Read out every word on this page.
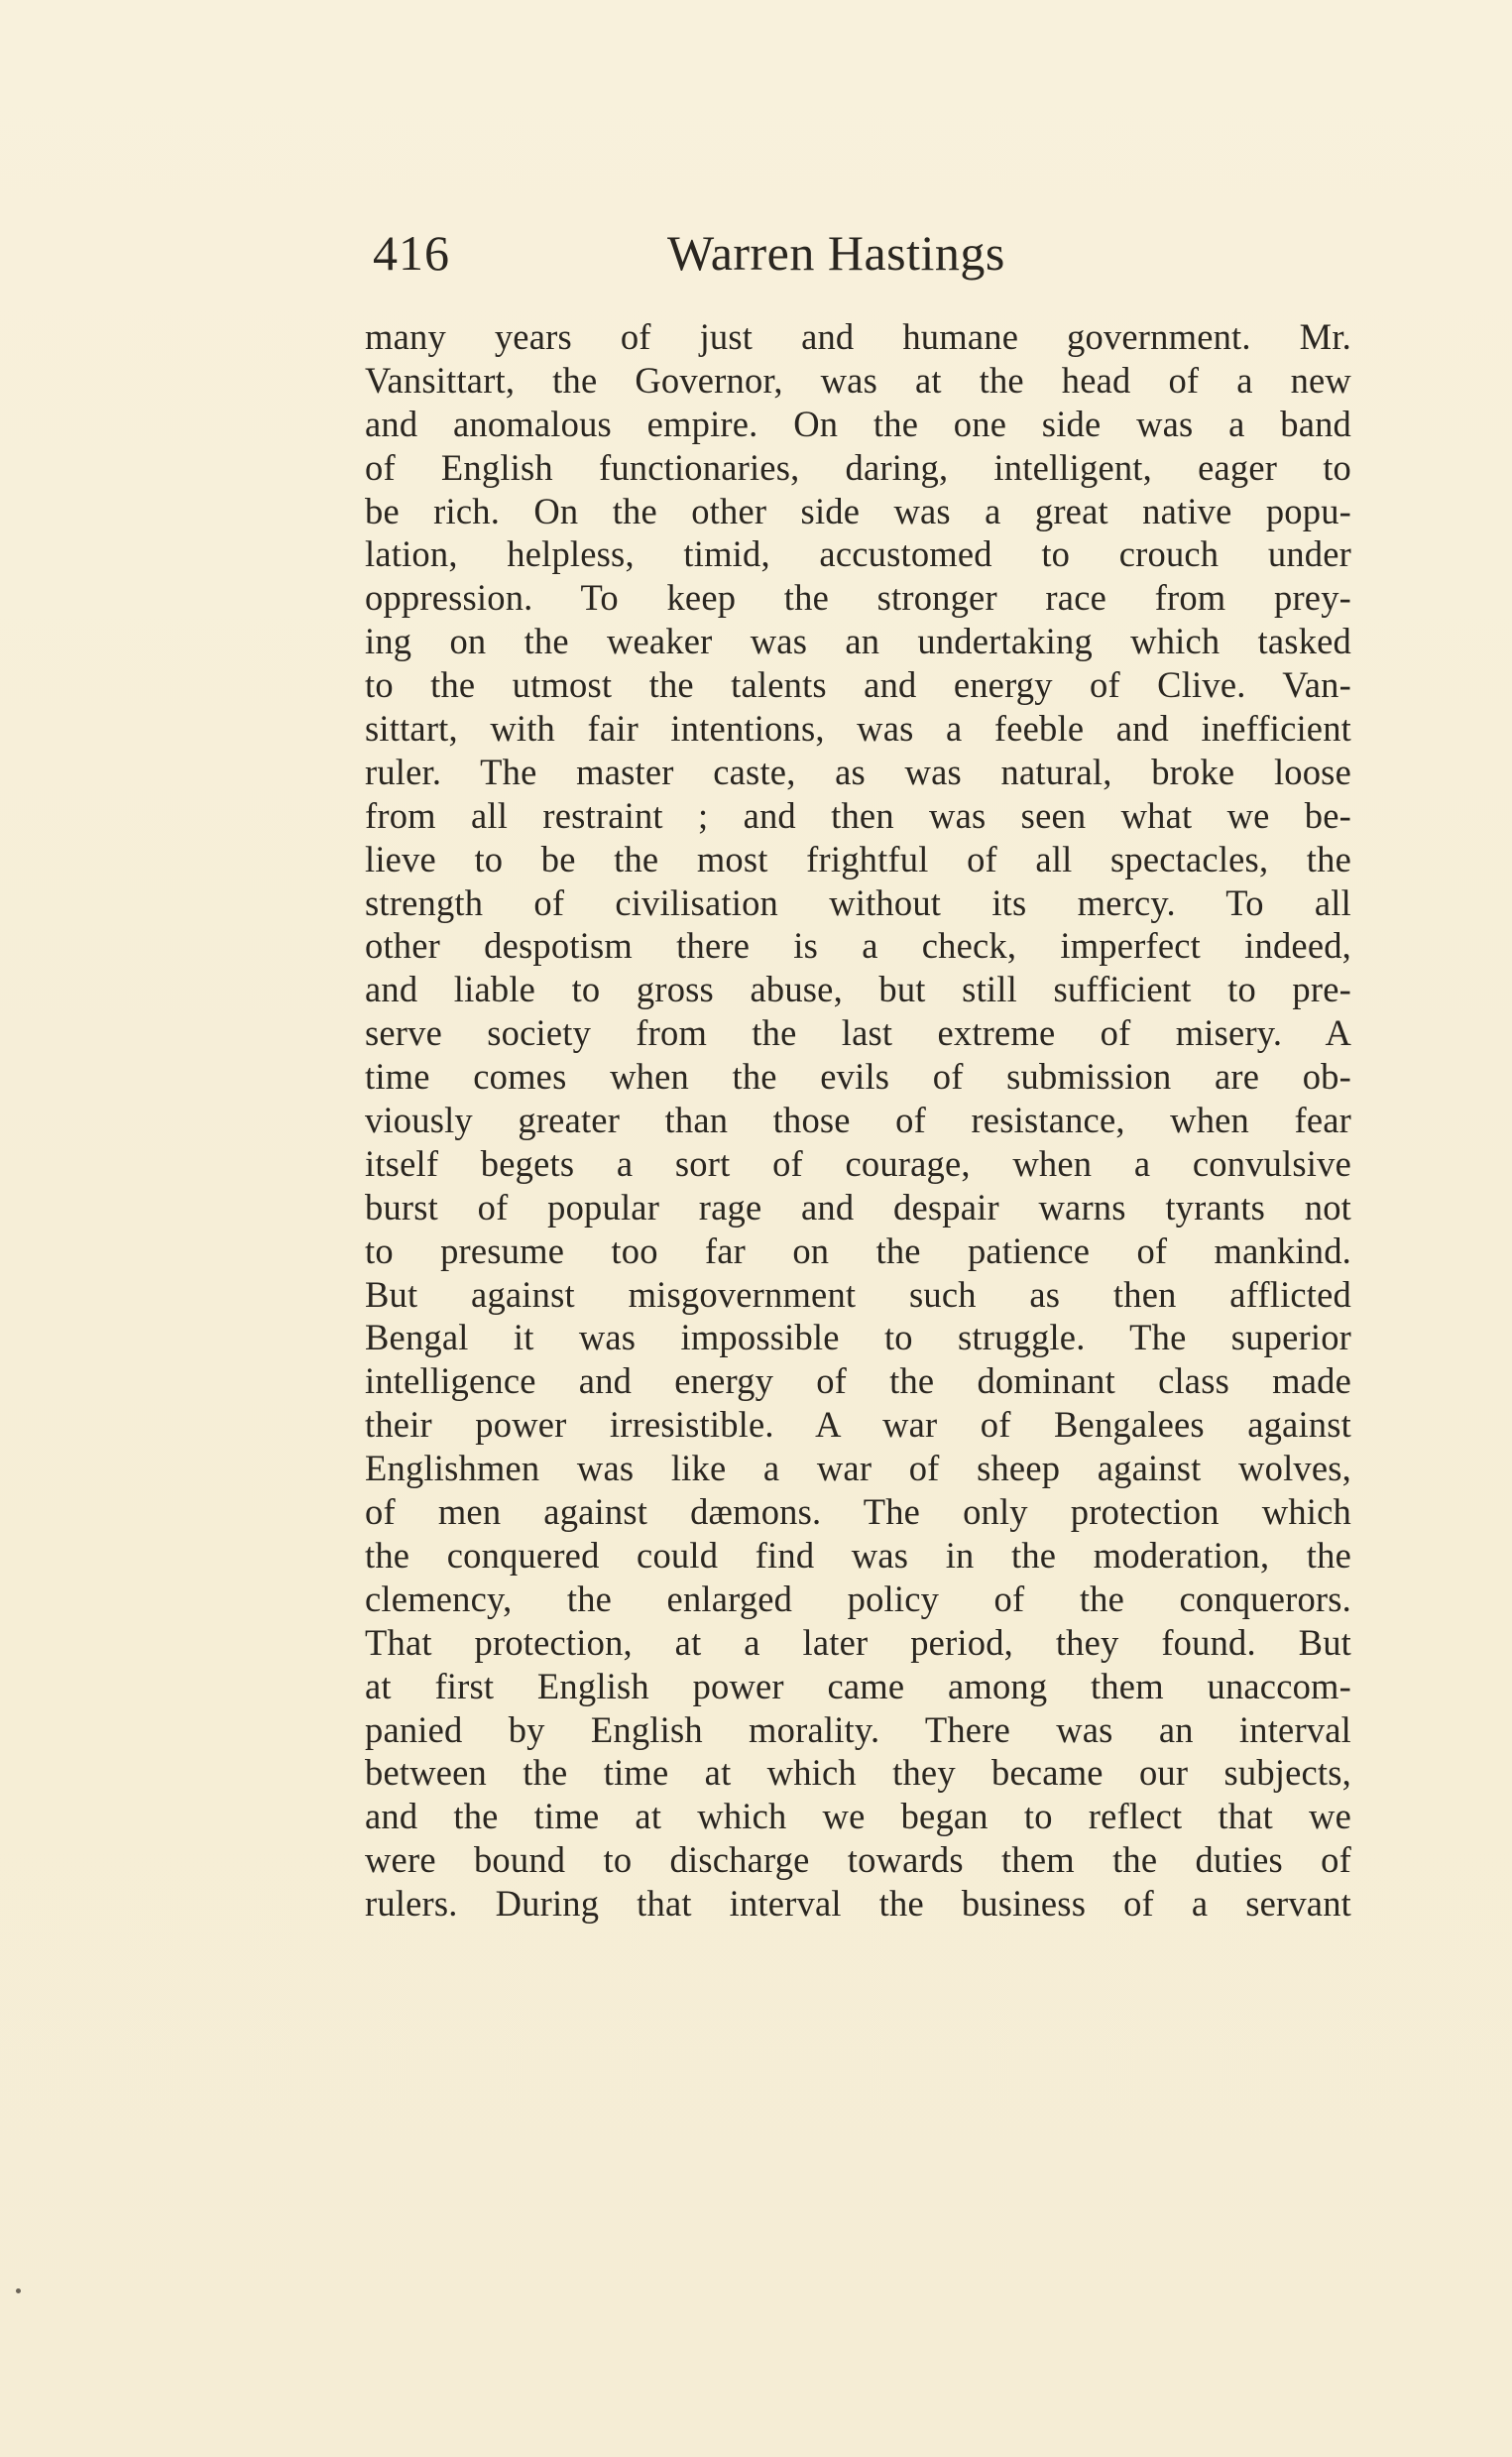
416	Warren Hastings
many years of just and humane government. Mr.
Vansittart, the Governor, was at the head of a new
and anomalous empire. On the one side was a band
of English functionaries, daring, intelligent, eager to
be rich. On the other side was a great native popu-
lation, helpless, timid, accustomed to crouch under
oppression. To keep the stronger race from prey-
ing on the weaker was an undertaking which tasked
to the utmost the talents and energy of Clive. Van-
sittart, with fair intentions, was a feeble and inefficient
ruler. The master caste, as was natural, broke loose
from all restraint ; and then was seen what we be-
lieve to be the most frightful of all spectacles, the
strength of civilisation without its mercy. To all
other despotism there is a check, imperfect indeed,
and liable to gross abuse, but still sufficient to pre-
serve society from the last extreme of misery. A
time comes when the evils of submission are ob-
viously greater than those of resistance, when fear
itself begets a sort of courage, when a convulsive
burst of popular rage and despair warns tyrants not
to presume too far on the patience of mankind.
But against misgovernment such as then afflicted
Bengal it was impossible to struggle. The superior
intelligence and energy of the dominant class made
their power irresistible. A war of Bengalees against
Englishmen was like a war of sheep against wolves,
of men against dæmons. The only protection which
the conquered could find was in the moderation, the
clemency, the enlarged policy of the conquerors.
That protection, at a later period, they found. But
at first English power came among them unaccom-
panied by English morality. There was an interval
between the time at which they became our subjects,
and the time at which we began to reflect that we
were bound to discharge towards them the duties of
rulers. During that interval the business of a servant
